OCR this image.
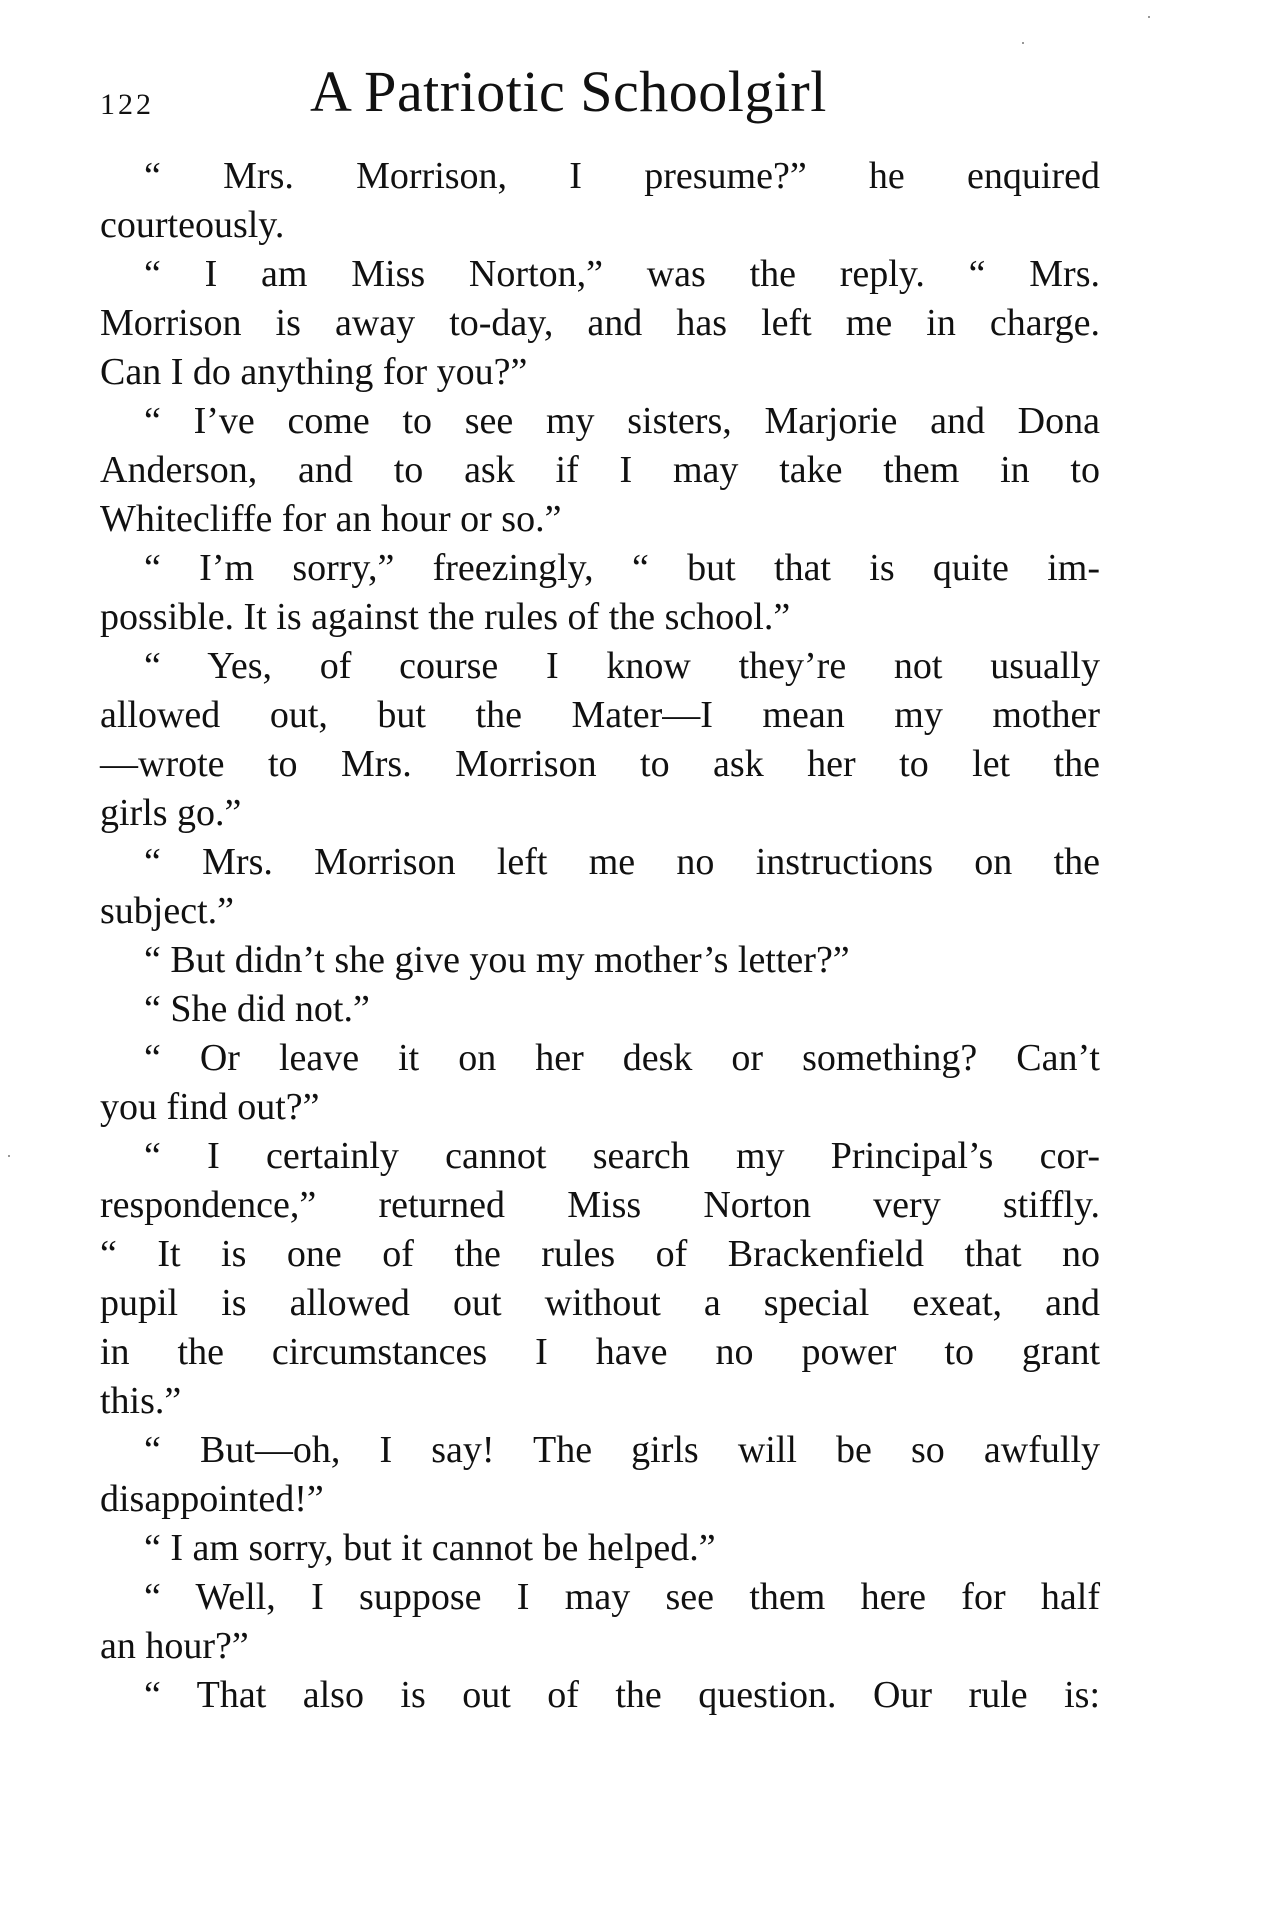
122	A Patriotic Schoolgirl
“ Mrs. Morrison, I presume?” he enquired
courteously.
“ I am Miss Norton,” was the reply. “ Mrs.
Morrison is away to-day, and has left me in charge.
Can I do anything for you?”
“ I’ve come to see my sisters, Marjorie and Dona
Anderson, and to ask if I may take them in to
Whitecliffe for an hour or so.”
“ I’m sorry,” freezingly, “ but that is quite im-
possible. It is against the rules of the school.”
“ Yes, of course I know they’re not usually
allowed out, but the Mater—I mean my mother
—wrote to Mrs. Morrison to ask her to let the
girls go.”
“ Mrs. Morrison left me no instructions on the
subject.”
“ But didn’t she give you my mother’s letter?”
“ She did not.”
“ Or leave it on her desk or something? Can’t
you find out?”
“ I certainly cannot search my Principal’s cor-
respondence,” returned Miss Norton very stiffly.
“ It is one of the rules of Brackenfield that no
pupil is allowed out without a special exeat, and
in the circumstances I have no power to grant
this.”
“ But—oh, I say! The girls will be so awfully
disappointed!”
“ I am sorry, but it cannot be helped.”
“ Well, I suppose I may see them here for half
an hour?”
“ That also is out of the question. Our rule is:
